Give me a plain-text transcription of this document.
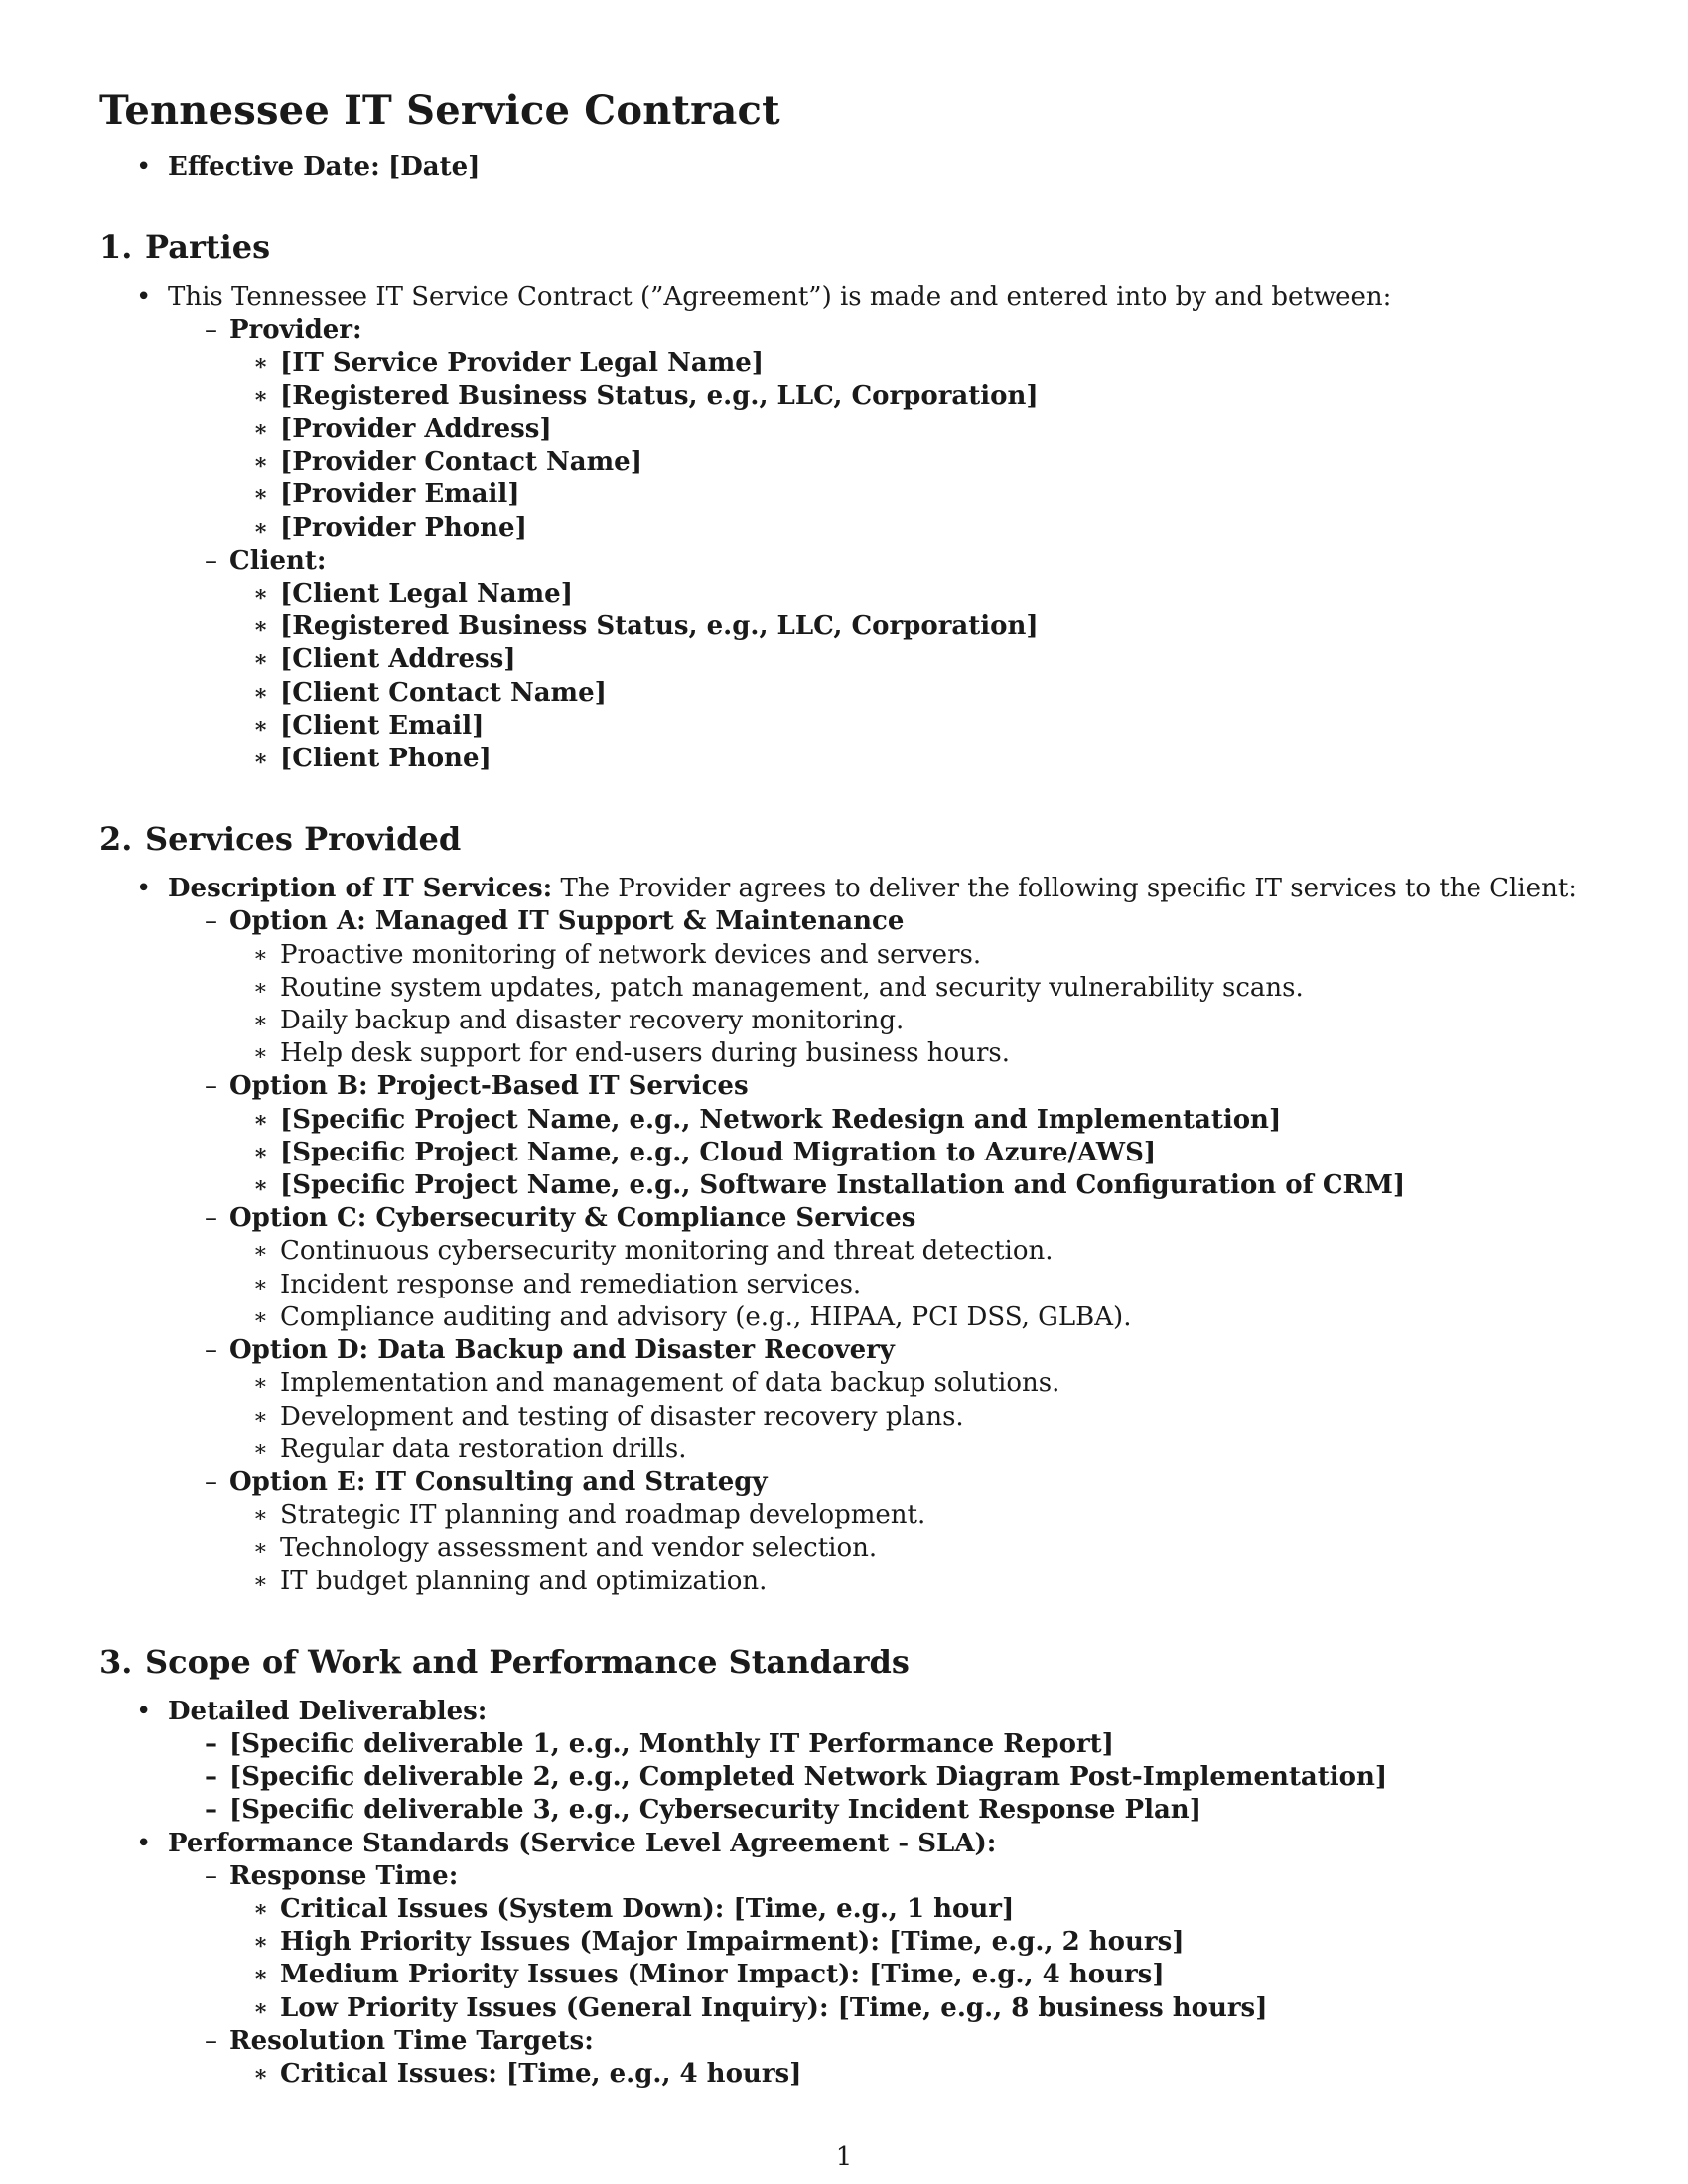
Tennessee IT Service Contract
• Effective Date: [Date]
1. Parties
• This Tennessee IT Service Contract (”Agreement”) is made and entered into by and between:
– Provider:
∗ [IT Service Provider Legal Name]
∗ [Registered Business Status, e.g., LLC, Corporation]
∗ [Provider Address]
∗ [Provider Contact Name]
∗ [Provider Email]
∗ [Provider Phone]
– Client:
∗ [Client Legal Name]
∗ [Registered Business Status, e.g., LLC, Corporation]
∗ [Client Address]
∗ [Client Contact Name]
∗ [Client Email]
∗ [Client Phone]
2. Services Provided
• Description of IT Services: The Provider agrees to deliver the following specific IT services to the Client:
– Option A: Managed IT Support & Maintenance
∗ Proactive monitoring of network devices and servers.
∗ Routine system updates, patch management, and security vulnerability scans.
∗ Daily backup and disaster recovery monitoring.
∗ Help desk support for end-users during business hours.
– Option B: Project-Based IT Services
∗ [Specific Project Name, e.g., Network Redesign and Implementation]
∗ [Specific Project Name, e.g., Cloud Migration to Azure/AWS]
∗ [Specific Project Name, e.g., Software Installation and Configuration of CRM]
– Option C: Cybersecurity & Compliance Services
∗ Continuous cybersecurity monitoring and threat detection.
∗ Incident response and remediation services.
∗ Compliance auditing and advisory (e.g., HIPAA, PCI DSS, GLBA).
– Option D: Data Backup and Disaster Recovery
∗ Implementation and management of data backup solutions.
∗ Development and testing of disaster recovery plans.
∗ Regular data restoration drills.
– Option E: IT Consulting and Strategy
∗ Strategic IT planning and roadmap development.
∗ Technology assessment and vendor selection.
∗ IT budget planning and optimization.
3. Scope of Work and Performance Standards
• Detailed Deliverables:
– [Specific deliverable 1, e.g., Monthly IT Performance Report]
– [Specific deliverable 2, e.g., Completed Network Diagram Post-Implementation]
– [Specific deliverable 3, e.g., Cybersecurity Incident Response Plan]
• Performance Standards (Service Level Agreement - SLA):
– Response Time:
∗ Critical Issues (System Down): [Time, e.g., 1 hour]
∗ High Priority Issues (Major Impairment): [Time, e.g., 2 hours]
∗ Medium Priority Issues (Minor Impact): [Time, e.g., 4 hours]
∗ Low Priority Issues (General Inquiry): [Time, e.g., 8 business hours]
– Resolution Time Targets:
∗ Critical Issues: [Time, e.g., 4 hours]
1
